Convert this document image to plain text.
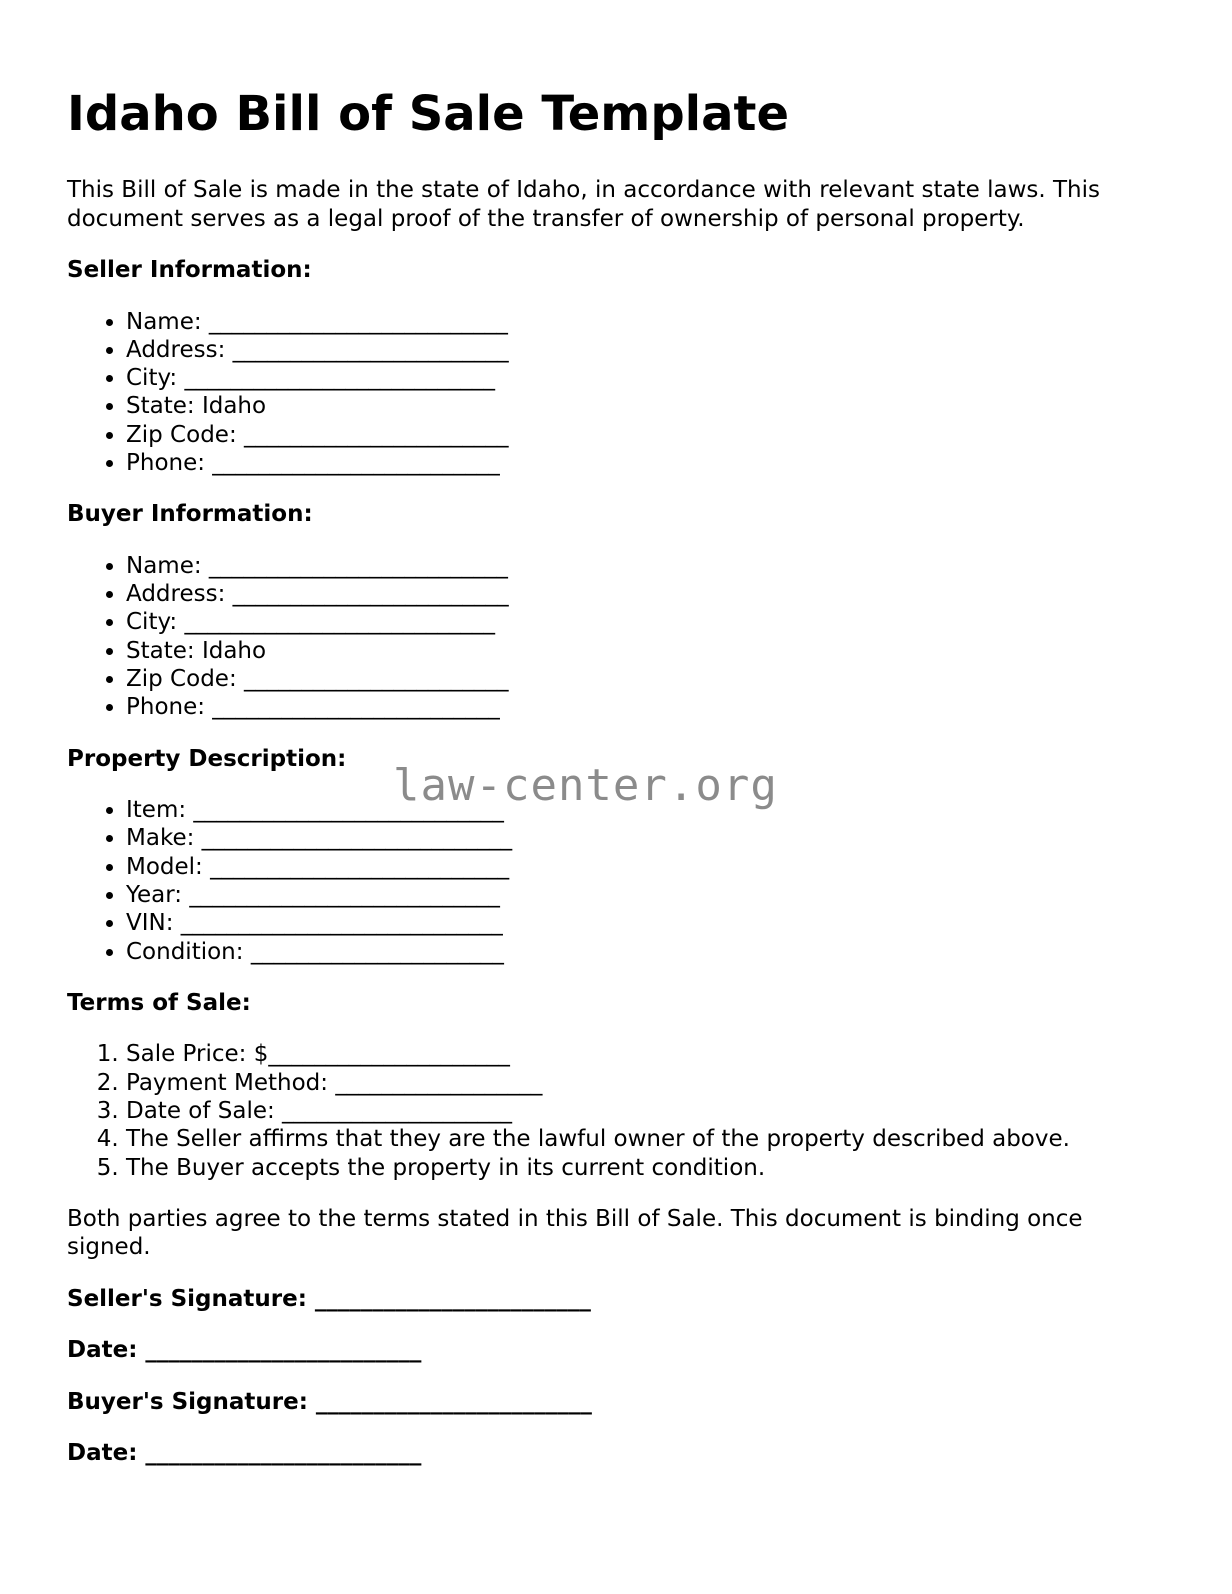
Idaho Bill of Sale Template

This Bill of Sale is made in the state of Idaho, in accordance with relevant state laws. This document serves as a legal proof of the transfer of ownership of personal property.

Seller Information:
• Name: __________________________
• Address: ________________________
• City: ___________________________
• State: Idaho
• Zip Code: _______________________
• Phone: _________________________
Buyer Information:
• Name: __________________________
• Address: ________________________
• City: ___________________________
• State: Idaho
• Zip Code: _______________________
• Phone: _________________________
Property Description:
• Item: ___________________________
• Make: ___________________________
• Model: __________________________
• Year: ___________________________
• VIN: ____________________________
• Condition: ______________________
Terms of Sale:
1. Sale Price: $_____________________
2. Payment Method: __________________
3. Date of Sale: ____________________
4. The Seller affirms that they are the lawful owner of the property described above.
5. The Buyer accepts the property in its current condition.

Both parties agree to the terms stated in this Bill of Sale. This document is binding once signed.

Seller's Signature: ________________________
Date: ________________________
Buyer's Signature: ________________________
Date: ________________________
law-center.org
